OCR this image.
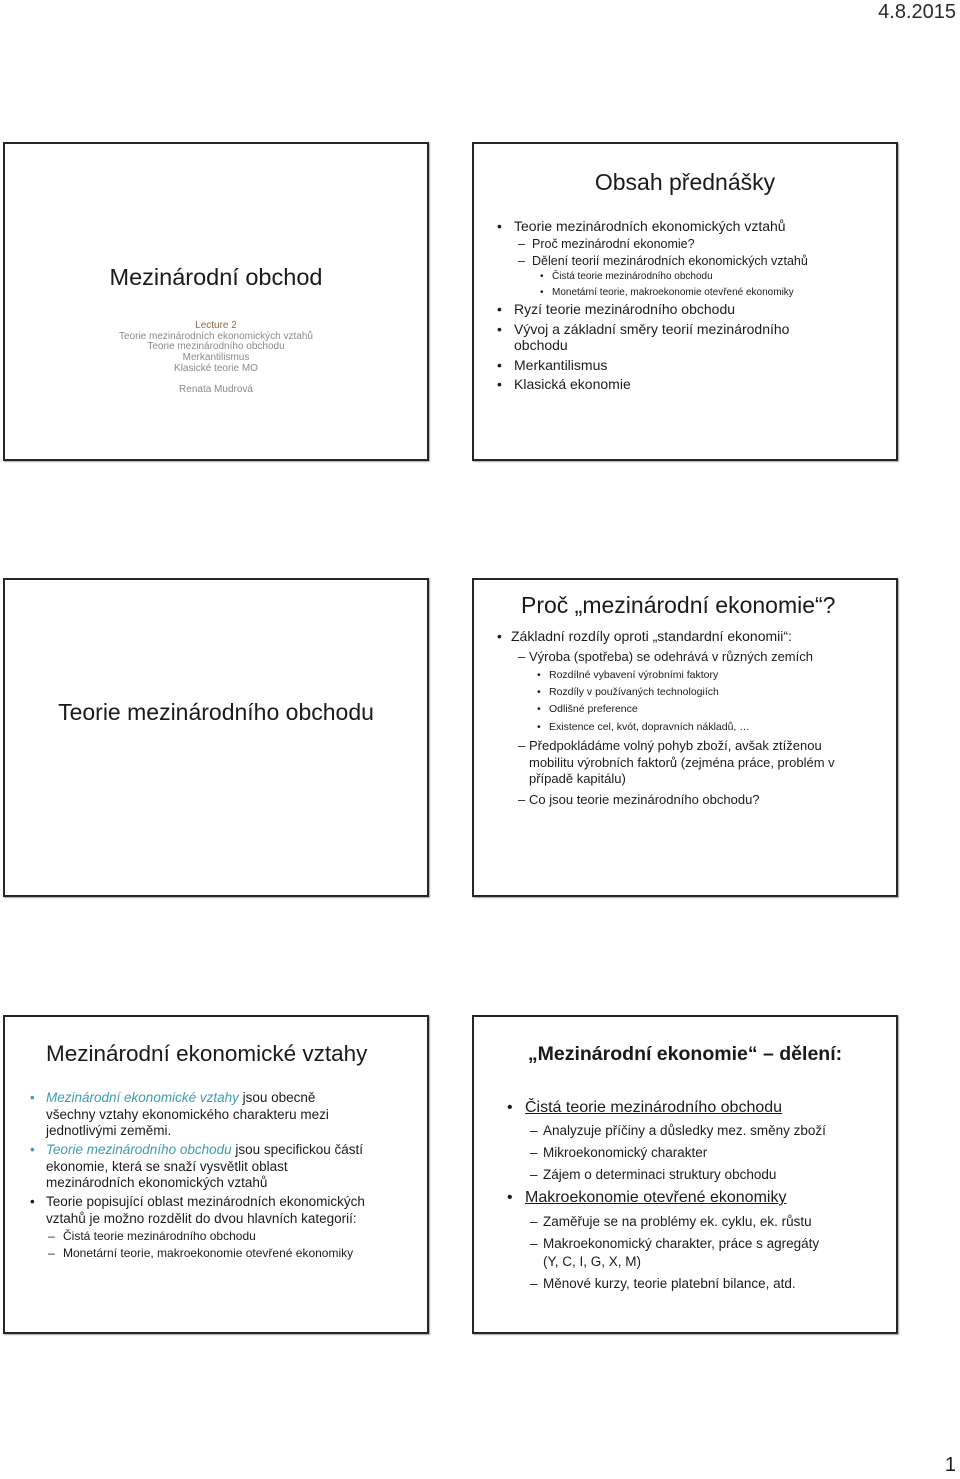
4.8.2015
Mezinárodní obchod
Lecture 2
Teorie mezinárodních ekonomických vztahů
Teorie mezinárodního obchodu
Merkantilismus
Klasické teorie MO
Renata Mudrová
Obsah přednášky
• Teorie mezinárodních ekonomických vztahů
– Proč mezinárodní ekonomie?
– Dělení teorií mezinárodních ekonomických vztahů
• Čistá teorie mezinárodního obchodu
• Monetární teorie, makroekonomie otevřené ekonomiky
• Ryzí teorie mezinárodního obchodu
• Vývoj a základní směry teorií mezinárodního
obchodu
• Merkantilismus
• Klasická ekonomie
Teorie mezinárodního obchodu
Proč „mezinárodní ekonomie“?
• Základní rozdíly oproti „standardní ekonomii“:
– Výroba (spotřeba) se odehrává v různých zemích
• Rozdílné vybavení výrobními faktory
• Rozdíly v používaných technologiích
• Odlišné preference
• Existence cel, kvót, dopravních nákladů, …
– Předpokládáme volný pohyb zboží, avšak ztíženou
mobilitu výrobních faktorů (zejména práce, problém v
případě kapitálu)
– Co jsou teorie mezinárodního obchodu?
Mezinárodní ekonomické vztahy
• Mezinárodní ekonomické vztahy jsou obecně
všechny vztahy ekonomického charakteru mezi
jednotlivými zeměmi.
• Teorie mezinárodního obchodu jsou specifickou částí
ekonomie, která se snaží vysvětlit oblast
mezinárodních ekonomických vztahů
• Teorie popisující oblast mezinárodních ekonomických
vztahů je možno rozdělit do dvou hlavních kategorií:
– Čistá teorie mezinárodního obchodu
– Monetární teorie, makroekonomie otevřené ekonomiky
„Mezinárodní ekonomie“ – dělení:
• Čistá teorie mezinárodního obchodu
– Analyzuje příčiny a důsledky mez. směny zboží
– Mikroekonomický charakter
– Zájem o determinaci struktury obchodu
• Makroekonomie otevřené ekonomiky
– Zaměřuje se na problémy ek. cyklu, ek. růstu
– Makroekonomický charakter, práce s agregáty
(Y, C, I, G, X, M)
– Měnové kurzy, teorie platební bilance, atd.
1
